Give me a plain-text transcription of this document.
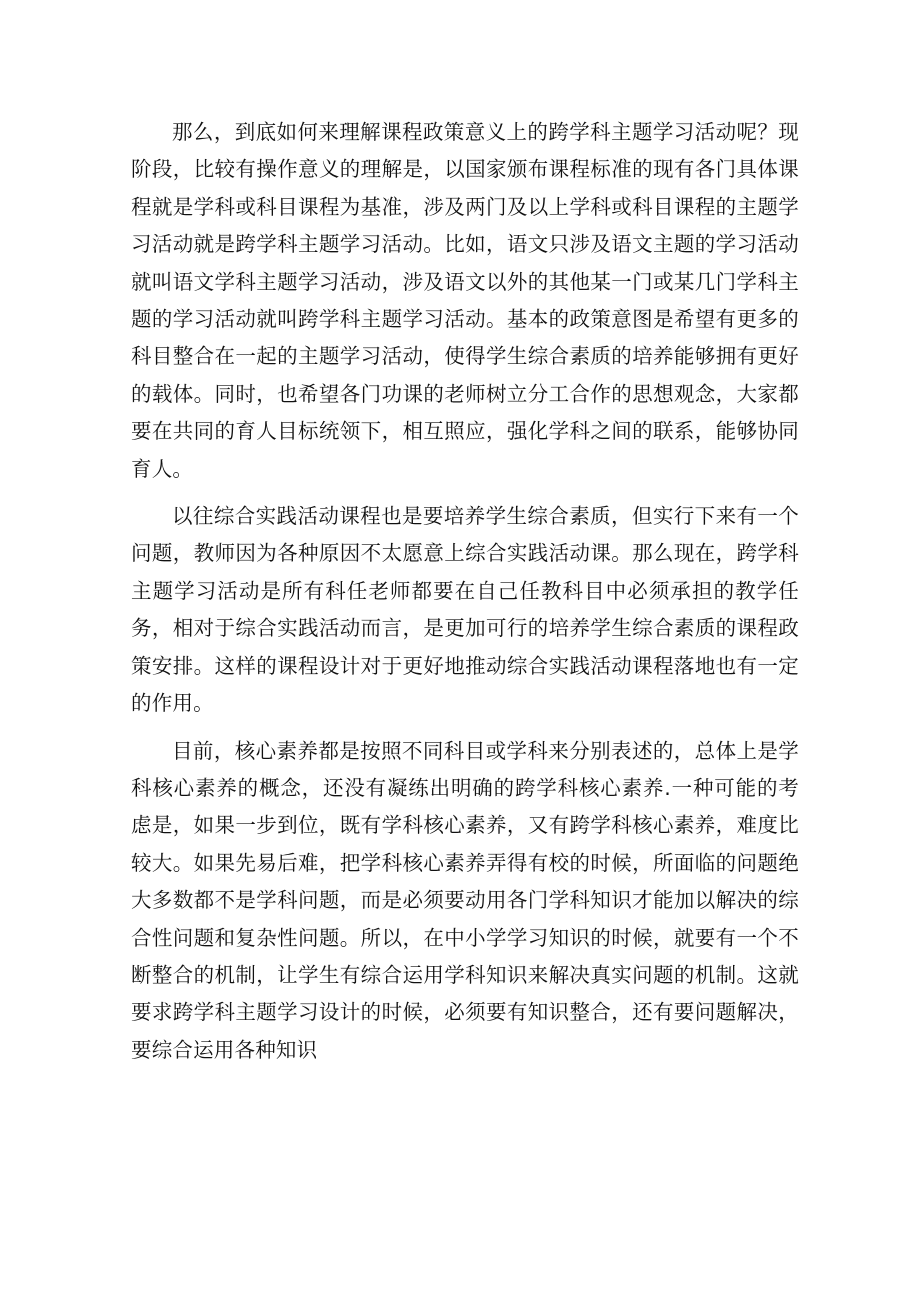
那么，到底如何来理解课程政策意义上的跨学科主题学习活动呢？现阶段，比较有操作意义的理解是，以国家颁布课程标准的现有各门具体课程就是学科或科目课程为基准，涉及两门及以上学科或科目课程的主题学习活动就是跨学科主题学习活动。比如，语文只涉及语文主题的学习活动就叫语文学科主题学习活动，涉及语文以外的其他某一门或某几门学科主题的学习活动就叫跨学科主题学习活动。基本的政策意图是希望有更多的科目整合在一起的主题学习活动，使得学生综合素质的培养能够拥有更好的载体。同时，也希望各门功课的老师树立分工合作的思想观念，大家都要在共同的育人目标统领下，相互照应，强化学科之间的联系，能够协同育人。

以往综合实践活动课程也是要培养学生综合素质，但实行下来有一个问题，教师因为各种原因不太愿意上综合实践活动课。那么现在，跨学科主题学习活动是所有科任老师都要在自己任教科目中必须承担的教学任务，相对于综合实践活动而言，是更加可行的培养学生综合素质的课程政策安排。这样的课程设计对于更好地推动综合实践活动课程落地也有一定的作用。

目前，核心素养都是按照不同科目或学科来分别表述的，总体上是学科核心素养的概念，还没有凝练出明确的跨学科核心素养.一种可能的考虑是，如果一步到位，既有学科核心素养，又有跨学科核心素养，难度比较大。如果先易后难，把学科核心素养弄得有校的时候，所面临的问题绝大多数都不是学科问题，而是必须要动用各门学科知识才能加以解决的综合性问题和复杂性问题。所以，在中小学学习知识的时候，就要有一个不断整合的机制，让学生有综合运用学科知识来解决真实问题的机制。这就要求跨学科主题学习设计的时候，必须要有知识整合，还有要问题解决，要综合运用各种知识
